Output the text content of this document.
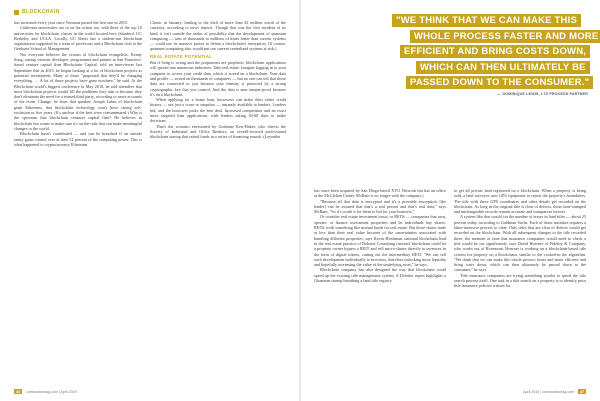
BLOCKCHAIN

has increased every year since Vermont passed the first one in 2015.

California universities are in on the action too, with three of the top 10 universities for blockchain classes in the world located here (Stanford, UC Berkeley and UCLA. Locally, UC Davis has a student-run blockchain organization supported by a team of professors and a Blockchain club at the Graduate School of Management.

Not everyone believes the visions of blockchain evangelists. Kenny Song, startup veteran, developer, programmer and partner at San Francisco-based venture capital firm Blockchain Capital, told an interviewer last September that in 2015, he began looking at a lot of blockchain projects as potential investments. Many of those "purported that they'd be changing everything. … A lot of those projects have gone nowhere," he said. At the Blockchain world's biggest conference in May 2018, he told attendees that most blockchain projects would fill the problems they aim to because they don't eliminate the need for a trusted third party, according to news accounts of the event. Change, he fears that speaker, Joseph Lubin of blockchain giant Ethereum, that blockchain technology won't have strong self-exclusion in five years. (It's unclear if the bets were consummated.) Why is the spectrum that blockchain ventures capital firm? He believes in blockchain but wants to make sure it's on the rails that can make meaningful changes to the world.

Blockchain hasn't contributed — and can be breached if an outside entity gains control over at least 51 percent of the computing power. This is what happened to cryptocurrency Ethereum

Classic in January, leading to the theft of more than $1 million worth of the currency, according to news reports. Though that was the first incident of its kind, it isn't outside the realm of possibility that the development of quantum computing — tons of thousands to millions of times faster than current systems — could use its massive power to defeat a blockchain's encryption. Of course, quantum computing also would put our current centralized systems at risk.)

REAL ESTATE POTENTIAL

But if Song is wrong and the proponents are prophetic, blockchain applications will spread into numerous industries. Take real estate. Imagine logging in to your computer to access your credit data, which is stored on a blockchain. Your data and profile — stored on thousands of computers — but no one can tell that those data are connected to you because your identity is protected by a strong cryptographic key that you control. And the data is near tamper-proof because it's on a blockchain.

When applying for a home loan, borrowers can make their entire credit history — not just a score or snapshot — instantly available to lenders. Lenders bid, and the borrower picks the best deal. Increased competition and an exact more targeted loan applications, with lenders taking 30-60 days to make decisions.

That's the scenario envisioned by Grahame Kerr-Baker, who directs the Society of Industrial and Office Realtors, an overall-focused professional blockchain startup that raised funds in a series of financing rounds. (Leyenthe

34	comstocksmag.com | April 2019
"WE THINK THAT WE CAN MAKE THIS
WHOLE PROCESS FASTER AND MORE
EFFICIENT AND BRING COSTS DOWN,
WHICH CAN THEN ULTIMATELY BE
PASSED DOWN TO THE CONSUMER."
— DOMINIQUE LEWIS, LTS PROCESS PARTNER

has since been acquired by San Diego-based XYO Network but has an office at the McClellan Center. McBain is no longer with the company.)

"Because all that data is encrypted and it's a provable encryption, [the lender] can be assured that that's a real person and that's real data," says McBain. "So it's worth it for them to bid for your business."

Or consider real estate investment trusts, or REITs — companies that own, operate, or finance investment properties and let individuals buy shares. REITs work something like mutual funds for real estate. But those shares trade at less than their real value because of the uncertainties associated with bundling different properties, says Kevin Hirshman, national blockchain lead in the real estate practice of Deloitte Consulting (instead, blockchain could let a property owner bypass a REIT and sell micro-shares directly to investors in the form of digital tokens, cutting out the intermediary REIT. "We can sell each development individually to investors, therefore unlocking more liquidity and hopefully increasing the value of the underlying asset," he says.

Blockchain company has also designed the way that blockchain could speed up the existing title management system. A Deloitte report highlights a Ghanaian startup breathing a land title registry

to get all private land registered on a blockchain. When a property is being sold, a land surveyor uses GPS equipment to report the property's boundaries. The title with those GPS coordinates and other details get recorded on the blockchain. As long as the original title is clear of defects, those time-stamped and unchangeable records remain accurate and transparent forever.

A system like that would cut the number of errors in land titles — about 25 percent today, according to Goldman Sachs. Each of those mistakes requires a labor-intensive process to clear. Only titles that are clear of defects would get recorded on the blockchain. With all subsequent changes to the title recorded there, the moment of time that insurance companies would need to check a title would be cut significantly, says David Hoerner of Fidelity & Company, who works out of Rosemont. Hoerner is working on a blockchain-based title system for property on a blockchain, similar to the cooked-in the algorithm. "We think that we can make this whole process faster and more efficient and bring costs down, which can then ultimately be passed down to the consumer," he says.

Title insurance companies are trying something similar to speed the title search process itself. One task in a title search on a property is to identify prior title insurance policies written for

April 2019 | comstocksmag.com	47
